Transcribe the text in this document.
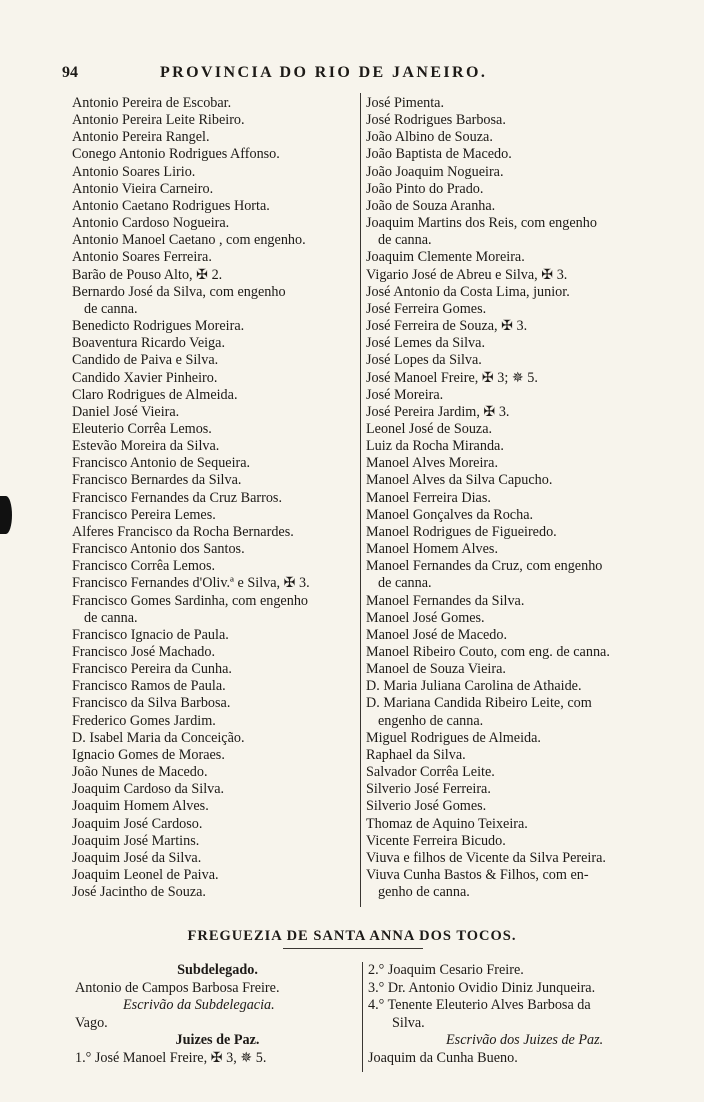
94	PROVINCIA DO RIO DE JANEIRO.
Antonio Pereira de Escobar.
Antonio Pereira Leite Ribeiro.
Antonio Pereira Rangel.
Conego Antonio Rodrigues Affonso.
Antonio Soares Lirio.
Antonio Vieira Carneiro.
Antonio Caetano Rodrigues Horta.
Antonio Cardoso Nogueira.
Antonio Manoel Caetano , com engenho.
Antonio Soares Ferreira.
Barão de Pouso Alto, ✠ 2.
Bernardo José da Silva, com engenho
de canna.
Benedicto Rodrigues Moreira.
Boaventura Ricardo Veiga.
Candido de Paiva e Silva.
Candido Xavier Pinheiro.
Claro Rodrigues de Almeida.
Daniel José Vieira.
Eleuterio Corrêa Lemos.
Estevão Moreira da Silva.
Francisco Antonio de Sequeira.
Francisco Bernardes da Silva.
Francisco Fernandes da Cruz Barros.
Francisco Pereira Lemes.
Alferes Francisco da Rocha Bernardes.
Francisco Antonio dos Santos.
Francisco Corrêa Lemos.
Francisco Fernandes d'Oliv.ª e Silva, ✠ 3.
Francisco Gomes Sardinha, com engenho
de canna.
Francisco Ignacio de Paula.
Francisco José Machado.
Francisco Pereira da Cunha.
Francisco Ramos de Paula.
Francisco da Silva Barbosa.
Frederico Gomes Jardim.
D. Isabel Maria da Conceição.
Ignacio Gomes de Moraes.
João Nunes de Macedo.
Joaquim Cardoso da Silva.
Joaquim Homem Alves.
Joaquim José Cardoso.
Joaquim José Martins.
Joaquim José da Silva.
Joaquim Leonel de Paiva.
José Jacintho de Souza.
José Pimenta.
José Rodrigues Barbosa.
João Albino de Souza.
João Baptista de Macedo.
João Joaquim Nogueira.
João Pinto do Prado.
João de Souza Aranha.
Joaquim Martins dos Reis, com engenho
de canna.
Joaquim Clemente Moreira.
Vigario José de Abreu e Silva, ✠ 3.
José Antonio da Costa Lima, junior.
José Ferreira Gomes.
José Ferreira de Souza, ✠ 3.
José Lemes da Silva.
José Lopes da Silva.
José Manoel Freire, ✠ 3; ✵ 5.
José Moreira.
José Pereira Jardim, ✠ 3.
Leonel José de Souza.
Luiz da Rocha Miranda.
Manoel Alves Moreira.
Manoel Alves da Silva Capucho.
Manoel Ferreira Dias.
Manoel Gonçalves da Rocha.
Manoel Rodrigues de Figueiredo.
Manoel Homem Alves.
Manoel Fernandes da Cruz, com engenho
de canna.
Manoel Fernandes da Silva.
Manoel José Gomes.
Manoel José de Macedo.
Manoel Ribeiro Couto, com eng. de canna.
Manoel de Souza Vieira.
D. Maria Juliana Carolina de Athaide.
D. Mariana Candida Ribeiro Leite, com
engenho de canna.
Miguel Rodrigues de Almeida.
Raphael da Silva.
Salvador Corrêa Leite.
Silverio José Ferreira.
Silverio José Gomes.
Thomaz de Aquino Teixeira.
Vicente Ferreira Bicudo.
Viuva e filhos de Vicente da Silva Pereira.
Viuva Cunha Bastos & Filhos, com en-
genho de canna.
FREGUEZIA DE SANTA ANNA DOS TOCOS.
Subdelegado.
Antonio de Campos Barbosa Freire.
Escrivão da Subdelegacia.
Vago.
Juizes de Paz.
1.° José Manoel Freire, ✠ 3, ✵ 5.
2.° Joaquim Cesario Freire.
3.° Dr. Antonio Ovidio Diniz Junqueira.
4.° Tenente Eleuterio Alves Barbosa da
Silva.
Escrivão dos Juizes de Paz.
Joaquim da Cunha Bueno.
